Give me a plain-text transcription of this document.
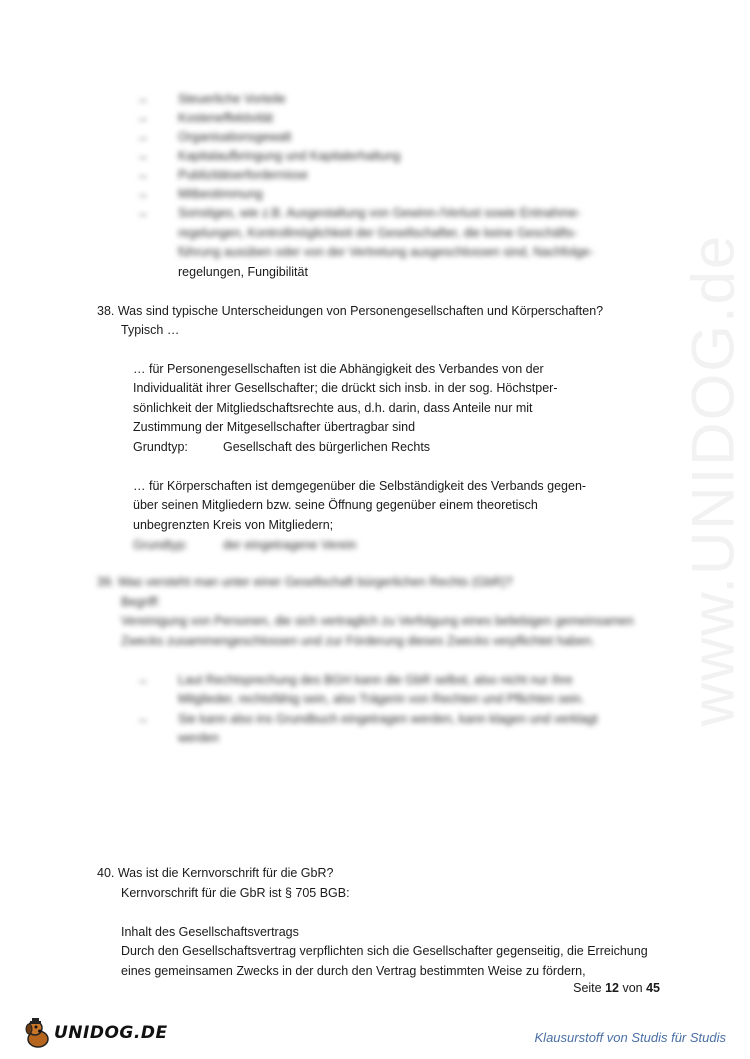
www.UNIDOG.de
→	Steuerliche Vorteile
→	Kosteneffektivität
→	Organisationsgewalt
→	Kapitalaufbringung und Kapitalerhaltung
→	Publizitätserfordernisse
→	Mitbestimmung
→	Sonstiges, wie z.B. Ausgestaltung von Gewinn-/Verlust sowie Entnahme-
regelungen, Kontrollmöglichkeit der Gesellschafter, die keine Geschäfts-
führung ausüben oder von der Vertretung ausgeschlossen sind, Nachfolge-
regelungen, Fungibilität
38. Was sind typische Unterscheidungen von Personengesellschaften und Körperschaften?
Typisch …
… für Personengesellschaften ist die Abhängigkeit des Verbandes von der
Individualität ihrer Gesellschafter; die drückt sich insb. in der sog. Höchstper-
sönlichkeit der Mitgliedschaftsrechte aus, d.h. darin, dass Anteile nur mit
Zustimmung der Mitgesellschafter übertragbar sind
Grundtyp:	Gesellschaft des bürgerlichen Rechts
… für Körperschaften ist demgegenüber die Selbständigkeit des Verbands gegen-
über seinen Mitgliedern bzw. seine Öffnung gegenüber einem theoretisch
unbegrenzten Kreis von Mitgliedern;
Grundtyp:	der eingetragene Verein
39. Was versteht man unter einer Gesellschaft bürgerlichen Rechts (GbR)?
Begriff:
Vereinigung von Personen, die sich vertraglich zu Verfolgung eines beliebigen gemeinsamen
Zwecks zusammengeschlossen und zur Förderung dieses Zwecks verpflichtet haben.
→	Laut Rechtsprechung des BGH kann die GbR selbst, also nicht nur ihre
Mitglieder, rechtsfähig sein, also Trägerin von Rechten und Pflichten sein.
→	Sie kann also ins Grundbuch eingetragen werden, kann klagen und verklagt
werden
40. Was ist die Kernvorschrift für die GbR?
Kernvorschrift für die GbR ist § 705 BGB:
Inhalt des Gesellschaftsvertrags
Durch den Gesellschaftsvertrag verpflichten sich die Gesellschafter gegenseitig, die Erreichung
eines gemeinsamen Zwecks in der durch den Vertrag bestimmten Weise zu fördern,
Seite 12 von 45
UNIDOG.DE	Klausurstoff von Studis für Studis
